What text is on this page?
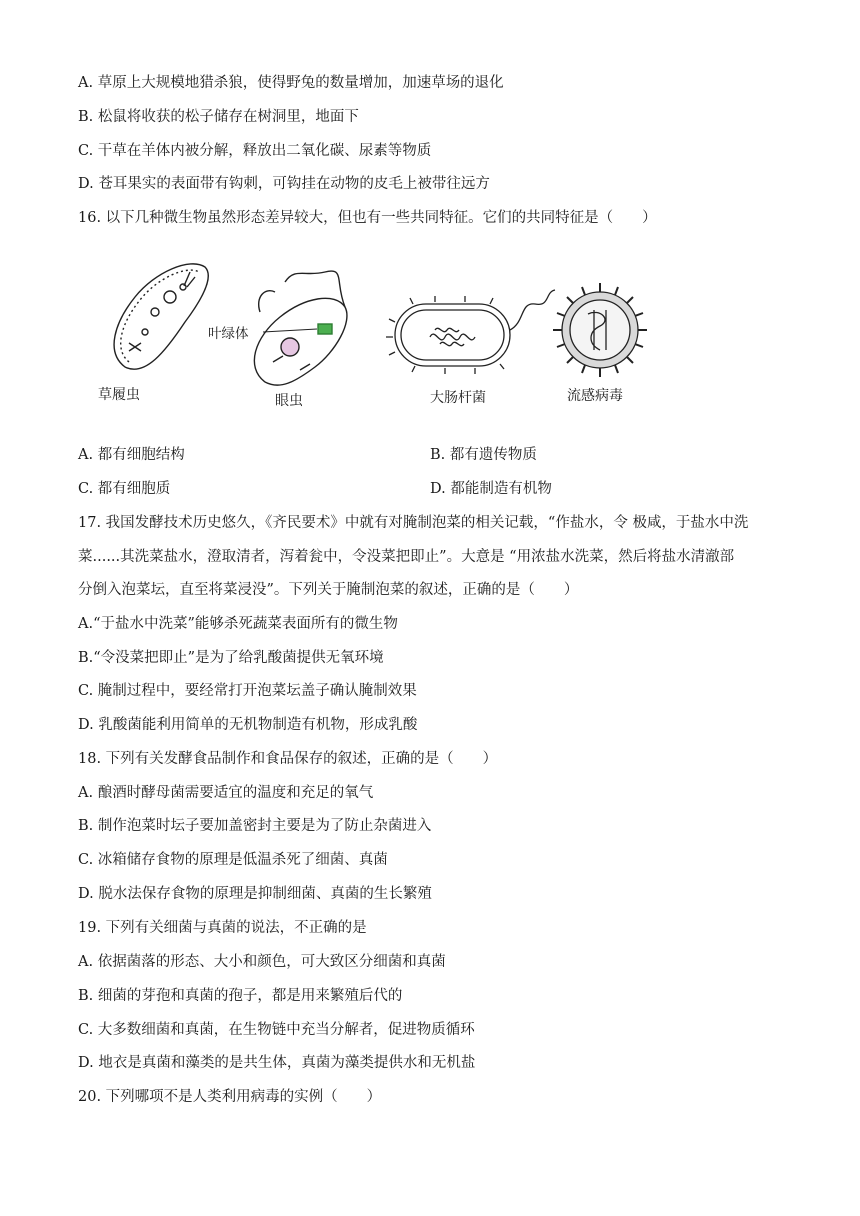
A. 草原上大规模地猎杀狼，使得野兔的数量增加，加速草场的退化
B. 松鼠将收获的松子储存在树洞里，地面下
C. 干草在羊体内被分解，释放出二氧化碳、尿素等物质
D. 苍耳果实的表面带有钩刺，可钩挂在动物的皮毛上被带往远方
16. 以下几种微生物虽然形态差异较大，但也有一些共同特征。它们的共同特征是（　　）
叶绿体
草履虫	眼虫	大肠杆菌	流感病毒
A. 都有细胞结构	B. 都有遗传物质
C. 都有细胞质	D. 都能制造有机物
17. 我国发酵技术历史悠久，《齐民要术》中就有对腌制泡菜的相关记载，“作盐水，令 极咸，于盐水中洗
菜......其洗菜盐水，澄取清者，泻着瓮中，令没菜把即止”。大意是 “用浓盐水洗菜，然后将盐水清澈部
分倒入泡菜坛，直至将菜浸没”。下列关于腌制泡菜的叙述，正确的是（　　）
A.“于盐水中洗菜”能够杀死蔬菜表面所有的微生物
B.“令没菜把即止”是为了给乳酸菌提供无氧环境
C. 腌制过程中，要经常打开泡菜坛盖子确认腌制效果
D. 乳酸菌能利用简单的无机物制造有机物，形成乳酸
18. 下列有关发酵食品制作和食品保存的叙述，正确的是（　　）
A. 酿酒时酵母菌需要适宜的温度和充足的氧气
B. 制作泡菜时坛子要加盖密封主要是为了防止杂菌进入
C. 冰箱储存食物的原理是低温杀死了细菌、真菌
D. 脱水法保存食物的原理是抑制细菌、真菌的生长繁殖
19. 下列有关细菌与真菌的说法，不正确的是
A. 依据菌落的形态、大小和颜色，可大致区分细菌和真菌
B. 细菌的芽孢和真菌的孢子，都是用来繁殖后代的
C. 大多数细菌和真菌，在生物链中充当分解者，促进物质循环
D. 地衣是真菌和藻类的是共生体，真菌为藻类提供水和无机盐
20. 下列哪项不是人类利用病毒的实例（　　）
